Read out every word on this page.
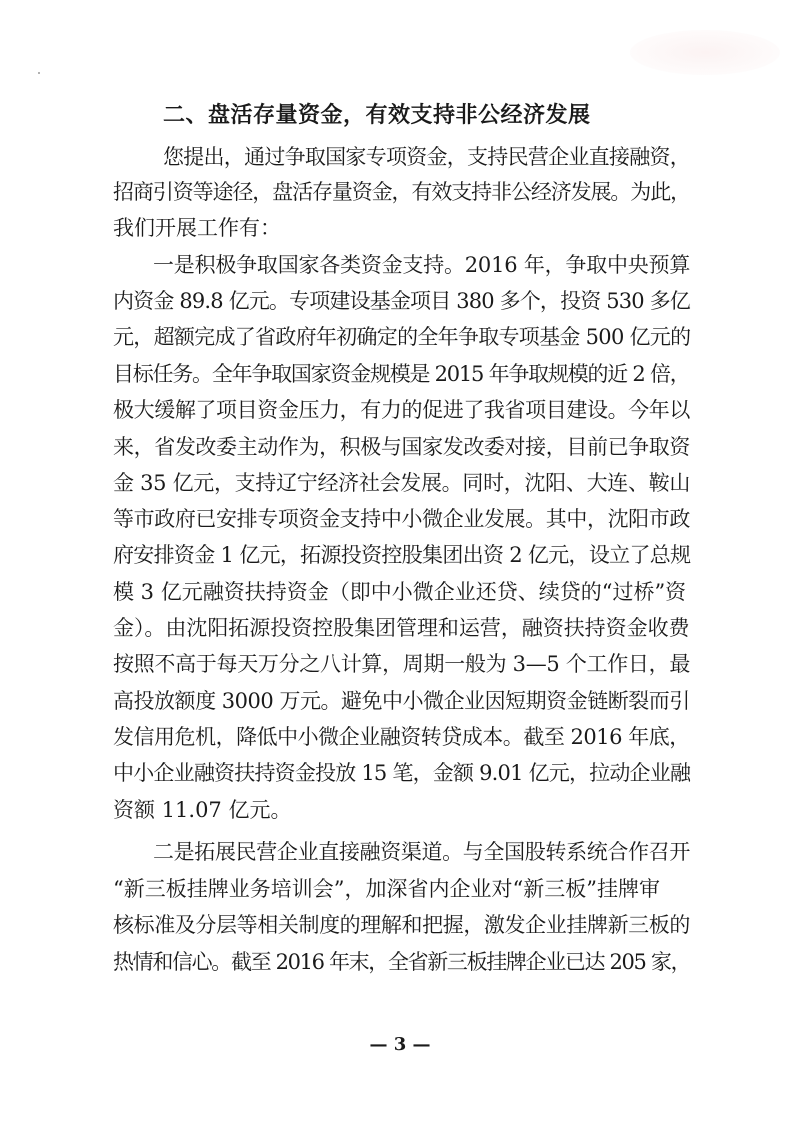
二、盘活存量资金，有效支持非公经济发展
您提出，通过争取国家专项资金，支持民营企业直接融资，
招商引资等途径，盘活存量资金，有效支持非公经济发展。为此，
我们开展工作有：
一是积极争取国家各类资金支持。2016 年，争取中央预算
内资金 89.8 亿元。专项建设基金项目 380 多个，投资 530 多亿
元，超额完成了省政府年初确定的全年争取专项基金 500 亿元的
目标任务。全年争取国家资金规模是 2015 年争取规模的近 2 倍，
极大缓解了项目资金压力，有力的促进了我省项目建设。今年以
来，省发改委主动作为，积极与国家发改委对接，目前已争取资
金 35 亿元，支持辽宁经济社会发展。同时，沈阳、大连、鞍山
等市政府已安排专项资金支持中小微企业发展。其中，沈阳市政
府安排资金 1 亿元，拓源投资控股集团出资 2 亿元，设立了总规
模 3 亿元融资扶持资金（即中小微企业还贷、续贷的“过桥”资
金）。由沈阳拓源投资控股集团管理和运营，融资扶持资金收费
按照不高于每天万分之八计算，周期一般为 3—5 个工作日，最
高投放额度 3000 万元。避免中小微企业因短期资金链断裂而引
发信用危机，降低中小微企业融资转贷成本。截至 2016 年底，
中小企业融资扶持资金投放 15 笔，金额 9.01 亿元，拉动企业融
资额 11.07 亿元。
二是拓展民营企业直接融资渠道。与全国股转系统合作召开
“新三板挂牌业务培训会”，加深省内企业对“新三板”挂牌审
核标准及分层等相关制度的理解和把握，激发企业挂牌新三板的
热情和信心。截至 2016 年末，全省新三板挂牌企业已达 205 家，
— 3 —
